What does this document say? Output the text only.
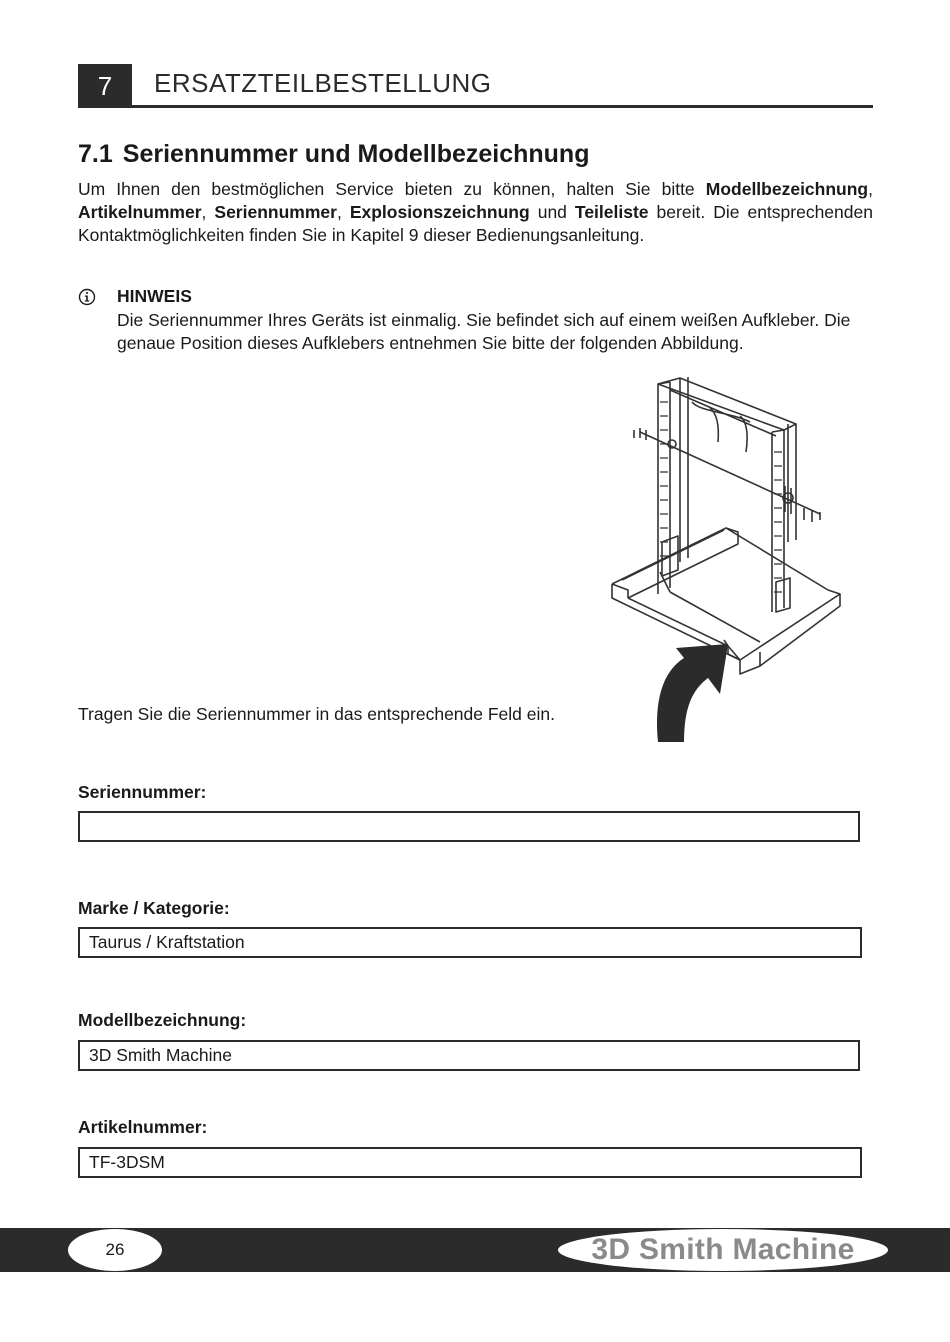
7	ERSATZTEILBESTELLUNG
7.1 Seriennummer und Modellbezeichnung
Um Ihnen den bestmöglichen Service bieten zu können, halten Sie bitte Modellbezeichnung, Artikelnummer, Seriennummer, Explosionszeichnung und Teileliste bereit. Die entsprechenden Kontaktmöglichkeiten finden Sie in Kapitel 9 dieser Bedienungsanleitung.
HINWEIS
Die Seriennummer Ihres Geräts ist einmalig. Sie befindet sich auf einem weißen Aufkleber. Die genaue Position dieses Aufklebers entnehmen Sie bitte der folgenden Abbildung.
Tragen Sie die Seriennummer in das entsprechende Feld ein.
Seriennummer:
Marke / Kategorie:
Taurus / Kraftstation
Modellbezeichnung:
3D Smith Machine
Artikelnummer:
TF-3DSM
26	3D Smith Machine
